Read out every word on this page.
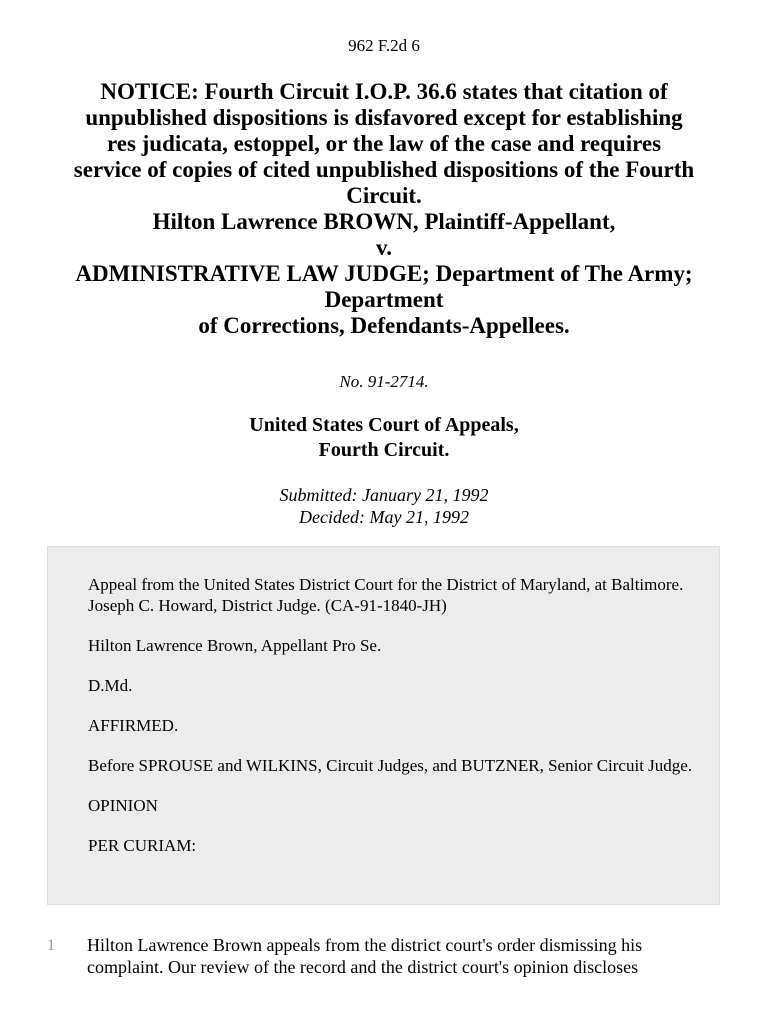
962 F.2d 6
NOTICE: Fourth Circuit I.O.P. 36.6 states that citation of
unpublished dispositions is disfavored except for establishing
res judicata, estoppel, or the law of the case and requires
service of copies of cited unpublished dispositions of the Fourth
Circuit.
Hilton Lawrence BROWN, Plaintiff-Appellant,
v.
ADMINISTRATIVE LAW JUDGE; Department of The Army;
Department
of Corrections, Defendants-Appellees.
No. 91-2714.
United States Court of Appeals,
Fourth Circuit.
Submitted: January 21, 1992
Decided: May 21, 1992

Appeal from the United States District Court for the District of Maryland, at Baltimore. Joseph C. Howard, District Judge. (CA-91-1840-JH)

Hilton Lawrence Brown, Appellant Pro Se.

D.Md.

AFFIRMED.

Before SPROUSE and WILKINS, Circuit Judges, and BUTZNER, Senior Circuit Judge.

OPINION

PER CURIAM:

1 Hilton Lawrence Brown appeals from the district court's order dismissing his complaint. Our review of the record and the district court's opinion discloses
